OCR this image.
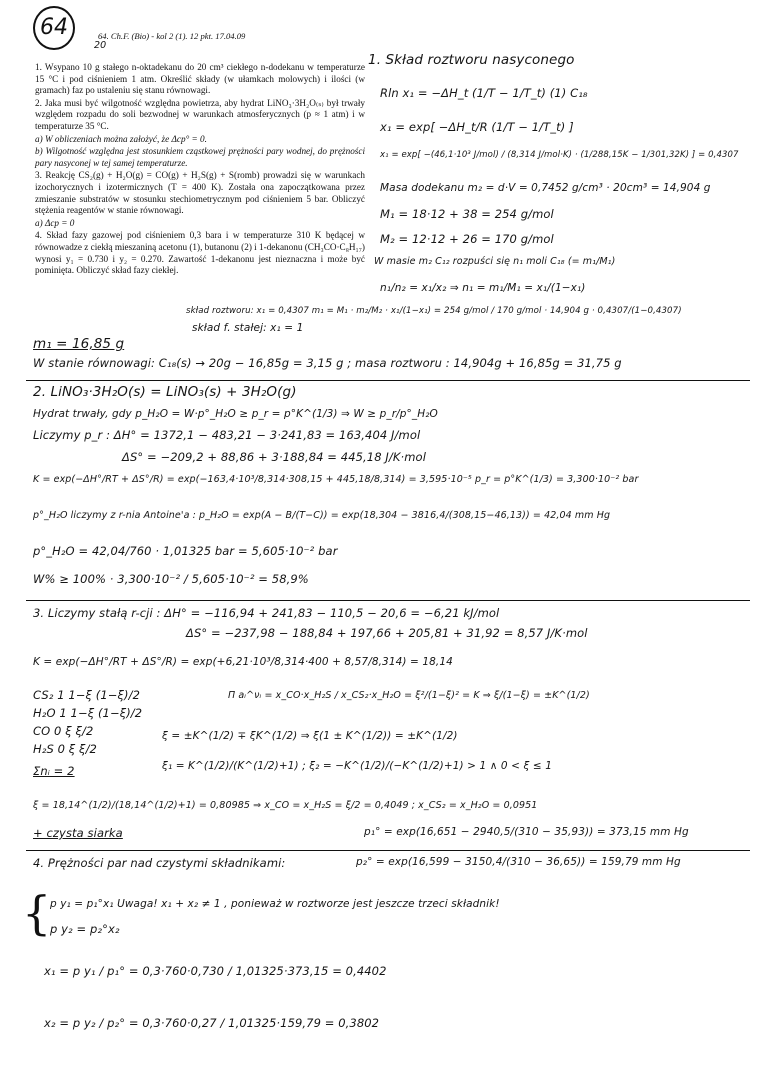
64
20
64. Ch.F. (Bio) - kol 2 (1). 12 pkt. 17.04.09

1. Wsypano 10 g stałego n-oktadekanu do 20 cm³ ciekłego n-dodekanu w temperaturze 15 °C i pod ciśnieniem 1 atm. Określić składy (w ułamkach molowych) i ilości (w gramach) faz po ustaleniu się stanu równowagi.

2. Jaka musi być wilgotność względna powietrza, aby hydrat LiNO₃·3H₂O₍ₛ₎ był trwały względem rozpadu do soli bezwodnej w warunkach atmosferycznych (p ≈ 1 atm) i w temperaturze 35 °C.

a) W obliczeniach można założyć, że Δcp° = 0.

b) Wilgotność względna jest stosunkiem cząstkowej prężności pary wodnej, do prężności pary nasyconej w tej samej temperaturze.

3. Reakcję CS₂(g) + H₂O(g) = CO(g) + H₂S(g) + S(romb) prowadzi się w warunkach izochorycznych i izotermicznych (T = 400 K). Została ona zapoczątkowana przez zmieszanie substratów w stosunku stechiometrycznym pod ciśnieniem 5 bar. Obliczyć stężenia reagentów w stanie równowagi.

a) Δcp = 0

4. Skład fazy gazowej pod ciśnieniem 0,3 bara i w temperaturze 310 K będącej w równowadze z ciekłą mieszaniną acetonu (1), butanonu (2) i 1-dekanonu (CH₃CO·C₈H₁₇) wynosi y₁ = 0.730 i y₂ = 0.270. Zawartość 1-dekanonu jest nieznaczna i może być pominięta. Obliczyć skład fazy ciekłej.

1. Skład roztworu nasyconego
Rln x₁ = −ΔH_t (1/T − 1/T_t) (1) C₁₈
x₁ = exp[ −ΔH_t/R (1/T − 1/T_t) ]
x₁ = exp[ −(46,1·10³ J/mol) / (8,314 J/mol·K) · (1/288,15K − 1/301,32K) ] = 0,4307
Masa dodekanu m₂ = d·V = 0,7452 g/cm³ · 20cm³ = 14,904 g
M₁ = 18·12 + 38 = 254 g/mol
M₂ = 12·12 + 26 = 170 g/mol
W masie m₂ C₁₂ rozpuści się n₁ moli C₁₈ (= m₁/M₁)
n₁/n₂ = x₁/x₂ ⇒ n₁ = m₁/M₁ = x₁/(1−x₁)
skład roztworu: x₁ = 0,4307 m₁ = M₁ · m₂/M₂ · x₁/(1−x₁) = 254 g/mol / 170 g/mol · 14,904 g · 0,4307/(1−0,4307)
skład f. stałej: x₁ = 1
m₁ = 16,85 g
W stanie równowagi: C₁₈(s) → 20g − 16,85g = 3,15 g ; masa roztworu : 14,904g + 16,85g = 31,75 g
2. LiNO₃·3H₂O(s) = LiNO₃(s) + 3H₂O(g)
Hydrat trwały, gdy p_H₂O = W·p°_H₂O ≥ p_r = p°K^(1/3) ⇒ W ≥ p_r/p°_H₂O
Liczymy p_r : ΔH° = 1372,1 − 483,21 − 3·241,83 = 163,404 J/mol
ΔS° = −209,2 + 88,86 + 3·188,84 = 445,18 J/K·mol
K = exp(−ΔH°/RT + ΔS°/R) = exp(−163,4·10³/8,314·308,15 + 445,18/8,314) = 3,595·10⁻⁵ p_r = p°K^(1/3) = 3,300·10⁻² bar
p°_H₂O liczymy z r-nia Antoine'a : p_H₂O = exp(A − B/(T−C)) = exp(18,304 − 3816,4/(308,15−46,13)) = 42,04 mm Hg
p°_H₂O = 42,04/760 · 1,01325 bar = 5,605·10⁻² bar
W% ≥ 100% · 3,300·10⁻² / 5,605·10⁻² = 58,9%
3. Liczymy stałą r-cji : ΔH° = −116,94 + 241,83 − 110,5 − 20,6 = −6,21 kJ/mol
ΔS° = −237,98 − 188,84 + 197,66 + 205,81 + 31,92 = 8,57 J/K·mol
K = exp(−ΔH°/RT + ΔS°/R) = exp(+6,21·10³/8,314·400 + 8,57/8,314) = 18,14
CS₂ 1 1−ξ (1−ξ)/2
H₂O 1 1−ξ (1−ξ)/2
CO 0 ξ ξ/2
H₂S 0 ξ ξ/2
Σnᵢ = 2
Π aᵢ^νᵢ = x_CO·x_H₂S / x_CS₂·x_H₂O = ξ²/(1−ξ)² = K ⇒ ξ/(1−ξ) = ±K^(1/2)
ξ = ±K^(1/2) ∓ ξK^(1/2) ⇒ ξ(1 ± K^(1/2)) = ±K^(1/2)
ξ₁ = K^(1/2)/(K^(1/2)+1) ; ξ₂ = −K^(1/2)/(−K^(1/2)+1) > 1 ∧ 0 < ξ ≤ 1
ξ = 18,14^(1/2)/(18,14^(1/2)+1) = 0,80985 ⇒ x_CO = x_H₂S = ξ/2 = 0,4049 ; x_CS₂ = x_H₂O = 0,0951
+ czysta siarka	p₁° = exp(16,651 − 2940,5/(310 − 35,93)) = 373,15 mm Hg
4. Prężności par nad czystymi składnikami:	p₂° = exp(16,599 − 3150,4/(310 − 36,65)) = 159,79 mm Hg
{
p y₁ = p₁°x₁ Uwaga! x₁ + x₂ ≠ 1 , ponieważ w roztworze jest jeszcze trzeci składnik!
p y₂ = p₂°x₂
x₁ = p y₁ / p₁° = 0,3·760·0,730 / 1,01325·373,15 = 0,4402
x₂ = p y₂ / p₂° = 0,3·760·0,27 / 1,01325·159,79 = 0,3802
